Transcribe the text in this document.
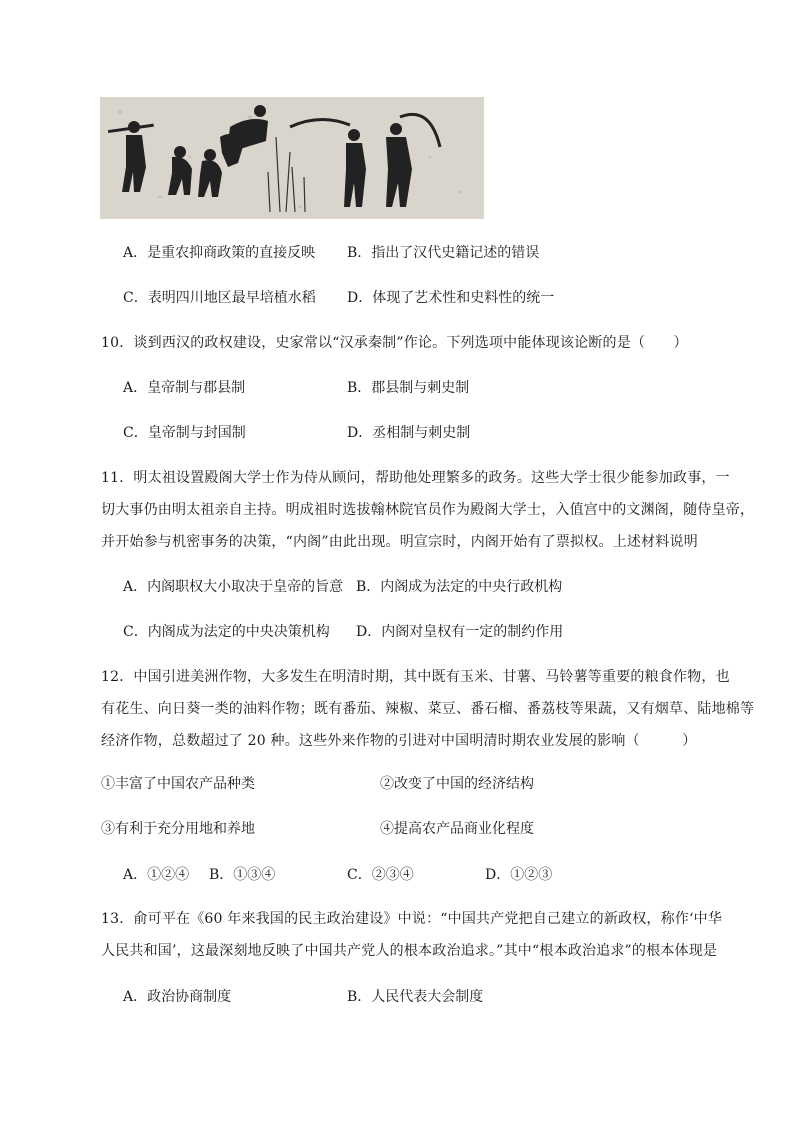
A．是重农抑商政策的直接反映 B．指出了汉代史籍记述的错误
C．表明四川地区最早培植水稻 D．体现了艺术性和史料性的统一
10．谈到西汉的政权建设，史家常以“汉承秦制”作论。下列选项中能体现该论断的是（　　）
A．皇帝制与郡县制	B．郡县制与刺史制
C．皇帝制与封国制	D．丞相制与刺史制
11．明太祖设置殿阁大学士作为侍从顾问，帮助他处理繁多的政务。这些大学士很少能参加政事，一
切大事仍由明太祖亲自主持。明成祖时选拔翰林院官员作为殿阁大学士，入值宫中的文渊阁，随侍皇帝，
并开始参与机密事务的决策，“内阁”由此出现。明宣宗时，内阁开始有了票拟权。上述材料说明
A．内阁职权大小取决于皇帝的旨意 B．内阁成为法定的中央行政机构
C．内阁成为法定的中央决策机构 D．内阁对皇权有一定的制约作用
12．中国引进美洲作物，大多发生在明清时期，其中既有玉米、甘薯、马铃薯等重要的粮食作物，也
有花生、向日葵一类的油料作物；既有番茄、辣椒、菜豆、番石榴、番荔枝等果蔬，又有烟草、陆地棉等
经济作物，总数超过了 20 种。这些外来作物的引进对中国明清时期农业发展的影响（　　　）
①丰富了中国农产品种类	②改变了中国的经济结构
③有利于充分用地和养地	④提高农产品商业化程度
A．①②④ B．①③④	C．②③④	D．①②③
13．俞可平在《60 年来我国的民主政治建设》中说：“中国共产党把自己建立的新政权，称作‘中华
人民共和国’，这最深刻地反映了中国共产党人的根本政治追求。”其中“根本政治追求”的根本体现是
A．政治协商制度	B．人民代表大会制度
